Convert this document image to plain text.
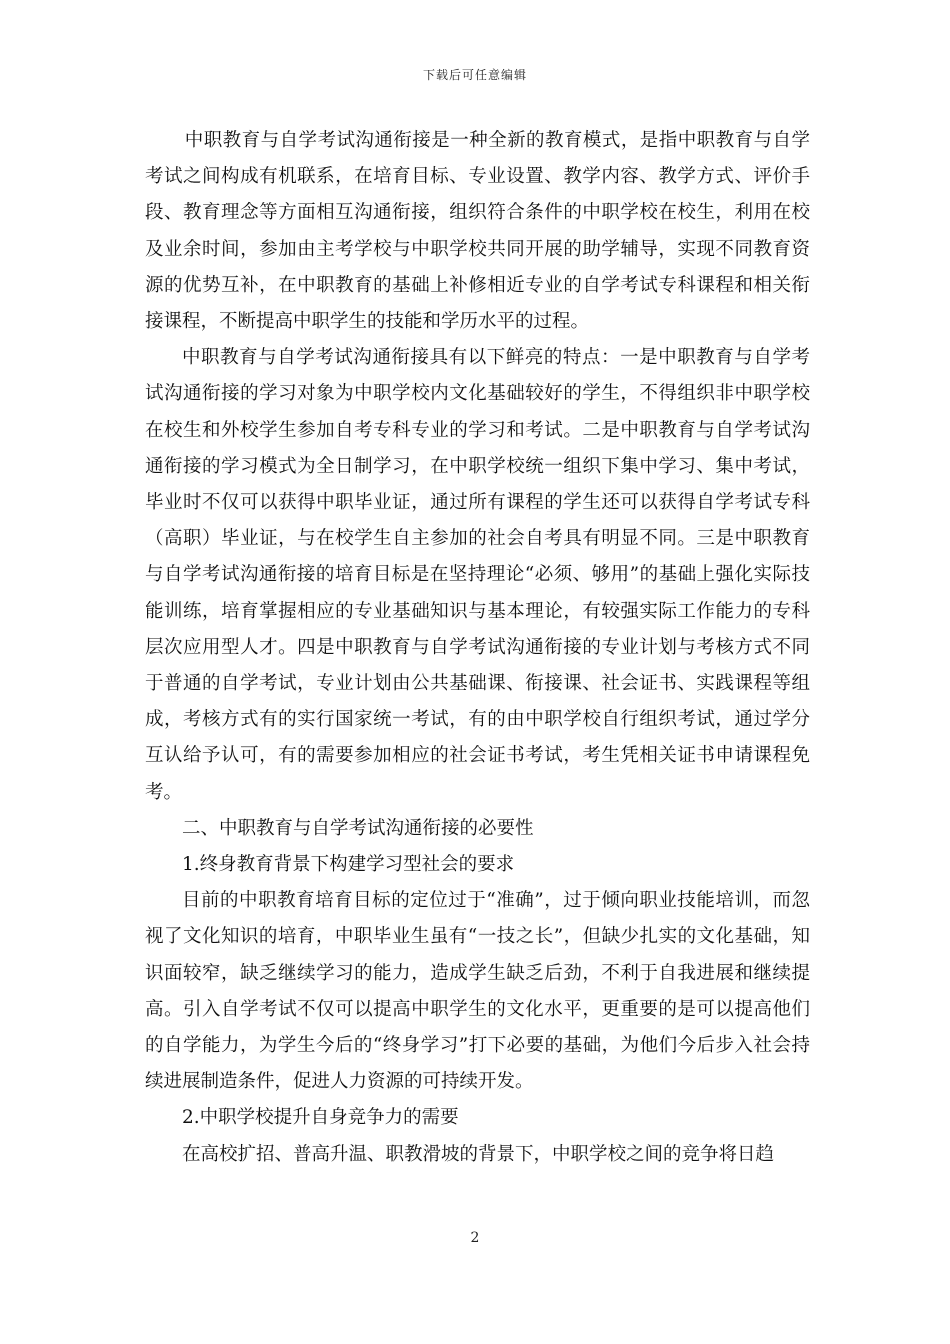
下载后可任意编辑

中职教育与自学考试沟通衔接是一种全新的教育模式，是指中职教育与自学考试之间构成有机联系，在培育目标、专业设置、教学内容、教学方式、评价手段、教育理念等方面相互沟通衔接，组织符合条件的中职学校在校生，利用在校及业余时间，参加由主考学校与中职学校共同开展的助学辅导，实现不同教育资源的优势互补，在中职教育的基础上补修相近专业的自学考试专科课程和相关衔接课程，不断提高中职学生的技能和学历水平的过程。

中职教育与自学考试沟通衔接具有以下鲜亮的特点：一是中职教育与自学考试沟通衔接的学习对象为中职学校内文化基础较好的学生，不得组织非中职学校在校生和外校学生参加自考专科专业的学习和考试。二是中职教育与自学考试沟通衔接的学习模式为全日制学习，在中职学校统一组织下集中学习、集中考试，毕业时不仅可以获得中职毕业证，通过所有课程的学生还可以获得自学考试专科（高职）毕业证，与在校学生自主参加的社会自考具有明显不同。三是中职教育与自学考试沟通衔接的培育目标是在坚持理论“必须、够用”的基础上强化实际技能训练，培育掌握相应的专业基础知识与基本理论，有较强实际工作能力的专科层次应用型人才。四是中职教育与自学考试沟通衔接的专业计划与考核方式不同于普通的自学考试，专业计划由公共基础课、衔接课、社会证书、实践课程等组成，考核方式有的实行国家统一考试，有的由中职学校自行组织考试，通过学分互认给予认可，有的需要参加相应的社会证书考试，考生凭相关证书申请课程免考。

二、中职教育与自学考试沟通衔接的必要性

1.终身教育背景下构建学习型社会的要求

目前的中职教育培育目标的定位过于“准确”，过于倾向职业技能培训，而忽视了文化知识的培育，中职毕业生虽有“一技之长”，但缺少扎实的文化基础，知识面较窄，缺乏继续学习的能力，造成学生缺乏后劲，不利于自我进展和继续提高。引入自学考试不仅可以提高中职学生的文化水平，更重要的是可以提高他们的自学能力，为学生今后的“终身学习”打下必要的基础，为他们今后步入社会持续进展制造条件，促进人力资源的可持续开发。

2.中职学校提升自身竞争力的需要

在高校扩招、普高升温、职教滑坡的背景下，中职学校之间的竞争将日趋

2
